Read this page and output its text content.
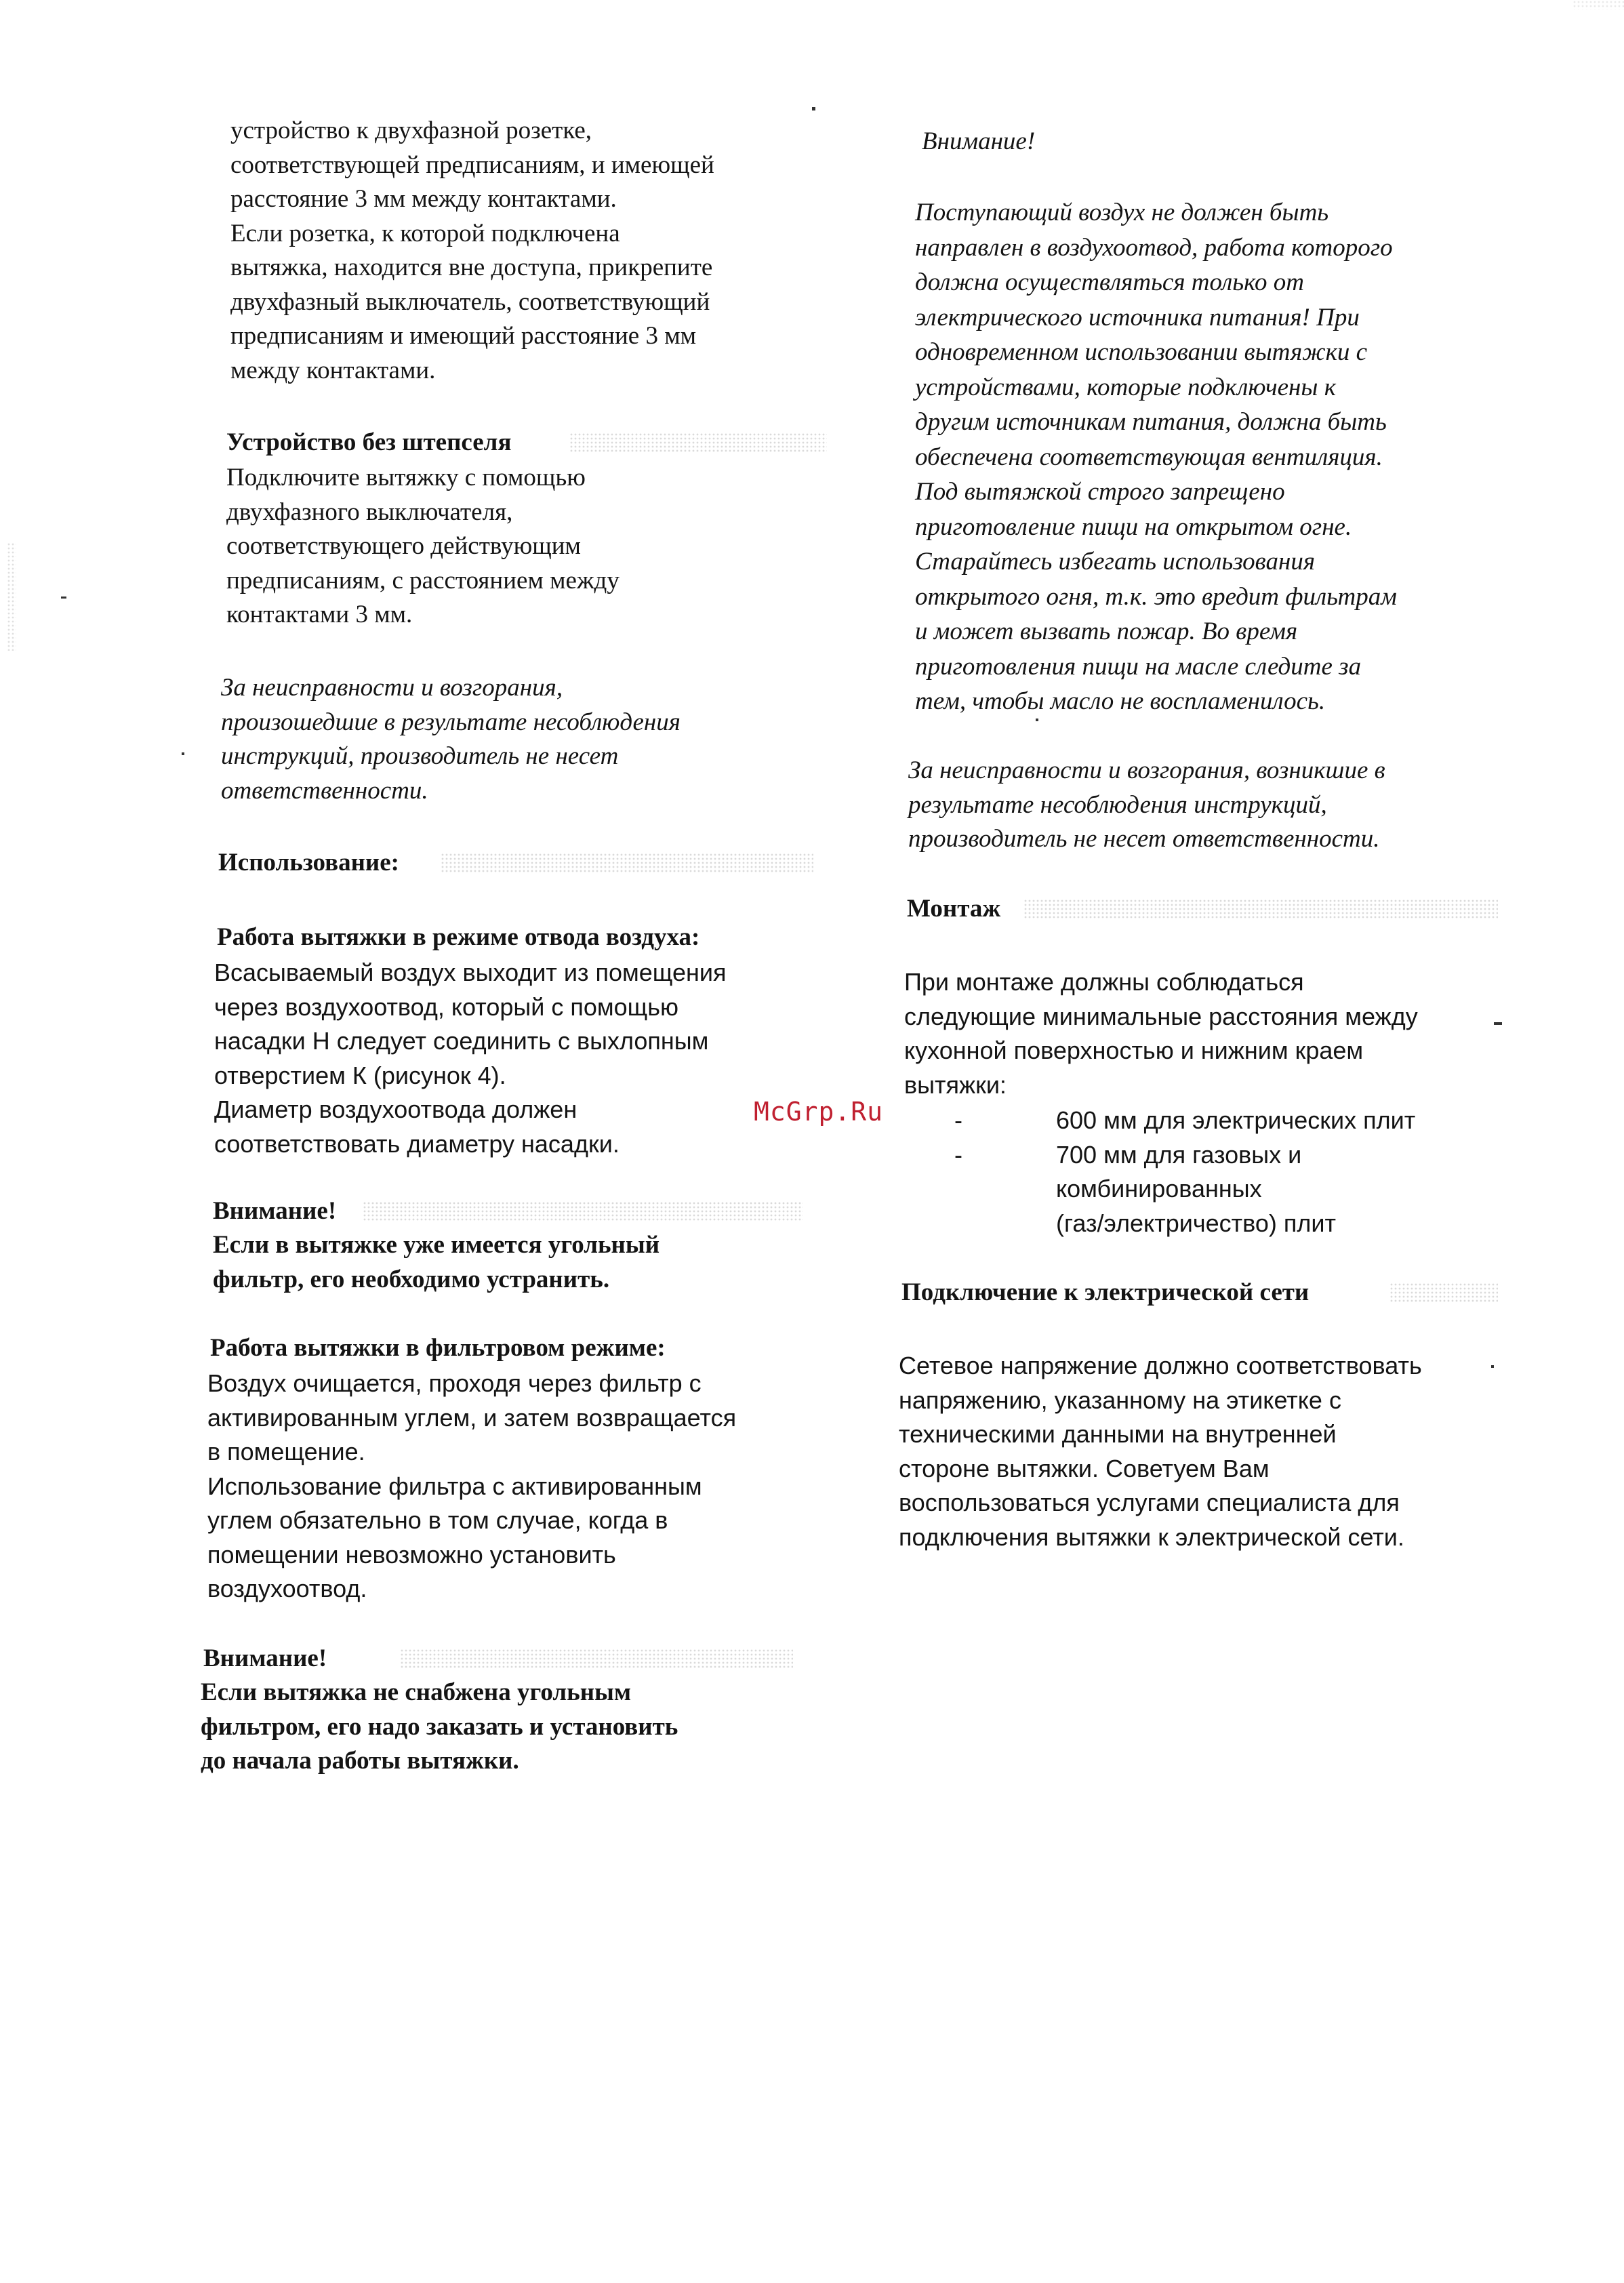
устройство к двухфазной розетке,
соответствующей предписаниям, и имеющей
расстояние 3 мм между контактами.
Если розетка, к которой подключена
вытяжка, находится вне доступа, прикрепите
двухфазный выключатель, соответствующий
предписаниям и имеющий расстояние 3 мм
между контактами.

Устройство без штепселя

Подключите вытяжку с помощью
двухфазного выключателя,
соответствующего действующим
предписаниям, с расстоянием между
контактами 3 мм.

За неисправности и возгорания,
произошедшие в результате несоблюдения
инструкций, производитель не несет
ответственности.

Использование:

Работа вытяжки в режиме отвода воздуха:

Всасываемый воздух выходит из помещения
через воздухоотвод, который с помощью
насадки Н следует соединить с выхлопным
отверстием К (рисунок 4).
Диаметр воздухоотвода должен
соответствовать диаметру насадки.

Внимание!

Если в вытяжке уже имеется угольный
фильтр, его необходимо устранить.

Работа вытяжки в фильтровом режиме:

Воздух очищается, проходя через фильтр с
активированным углем, и затем возвращается
в помещение.
Использование фильтра с активированным
углем обязательно в том случае, когда в
помещении невозможно установить
воздухоотвод.

Внимание!

Если вытяжка не снабжена угольным
фильтром, его надо заказать и установить
до начала работы вытяжки.

McGrp.Ru

Внимание!

Поступающий воздух не должен быть
направлен в воздухоотвод, работа которого
должна осуществляться только от
электрического источника питания! При
одновременном использовании вытяжки с
устройствами, которые подключены к
другим источникам питания, должна быть
обеспечена соответствующая вентиляция.
Под вытяжкой строго запрещено
приготовление пищи на открытом огне.
Старайтесь избегать использования
открытого огня, т.к. это вредит фильтрам
и может вызвать пожар. Во время
приготовления пищи на масле следите за
тем, чтобы масло не воспламенилось.

За неисправности и возгорания, возникшие в
результате несоблюдения инструкций,
производитель не несет ответственности.

Монтаж

При монтаже должны соблюдаться
следующие минимальные расстояния между
кухонной поверхностью и нижним краем
вытяжки:

-	600 мм для электрических плит
-	700 мм для газовых и
комбинированных
(газ/электричество) плит

Подключение к электрической сети

Сетевое напряжение должно соответствовать
напряжению, указанному на этикетке с
техническими данными на внутренней
стороне вытяжки. Советуем Вам
воспользоваться услугами специалиста для
подключения вытяжки к электрической сети.
